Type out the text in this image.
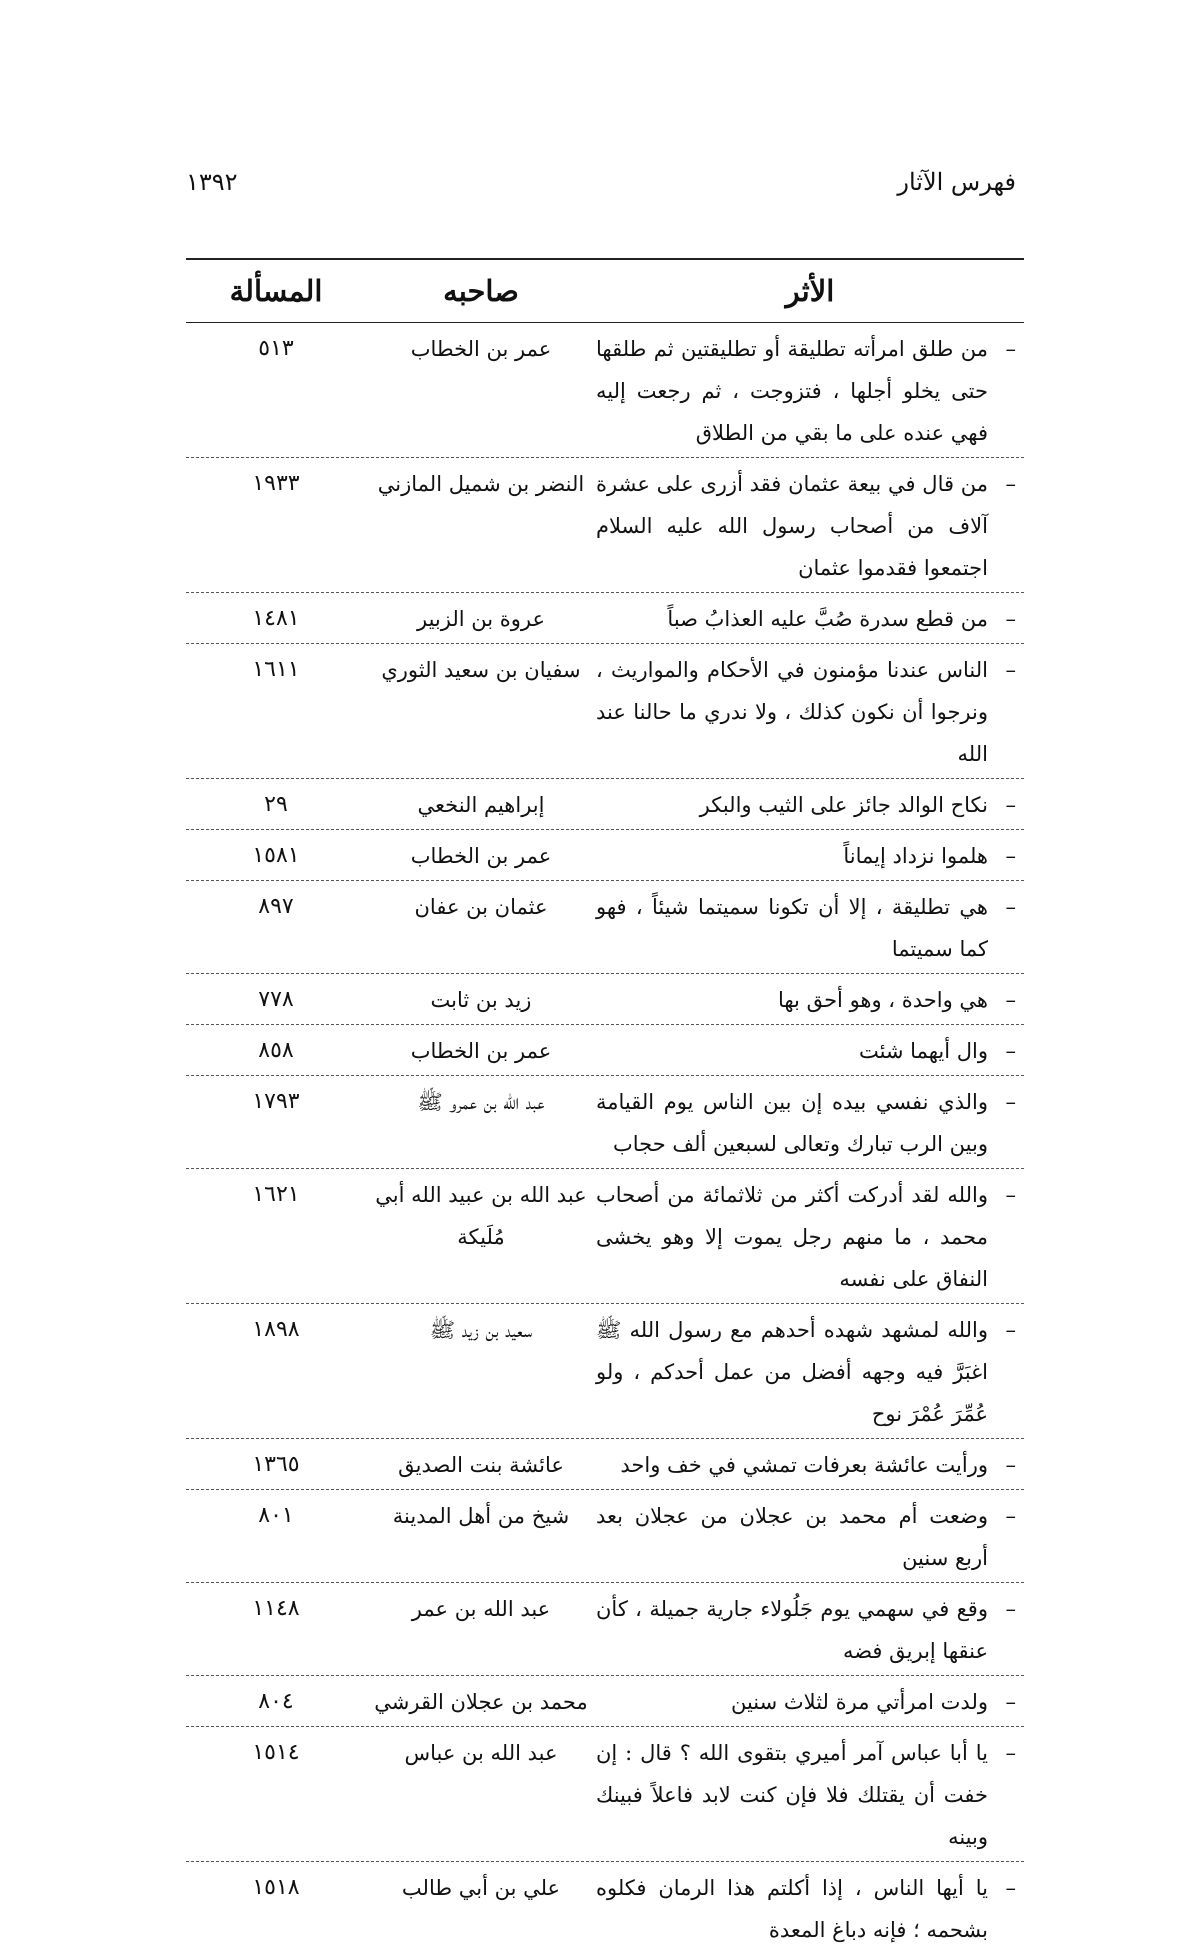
فهرس الآثار
١٣٩٢
الأثر
صاحبه
المسألة
– من طلق امرأته تطليقة أو تطليقتين ثم طلقها حتى يخلو أجلها ، فتزوجت ، ثم رجعت إليه فهي عنده على ما بقي من الطلاق
عمر بن الخطاب
٥١٣
– من قال في بيعة عثمان فقد أزرى على عشرة آلاف من أصحاب رسول الله عليه السلام اجتمعوا فقدموا عثمان
النضر بن شميل المازني
١٩٣٣
– من قطع سدرة صُبَّ عليه العذابُ صباً
عروة بن الزبير
١٤٨١
– الناس عندنا مؤمنون في الأحكام والمواريث ، ونرجوا أن نكون كذلك ، ولا ندري ما حالنا عند الله
سفيان بن سعيد الثوري
١٦١١
– نكاح الوالد جائز على الثيب والبكر
إبراهيم النخعي
٢٩
– هلموا نزداد إيماناً
عمر بن الخطاب
١٥٨١
– هي تطليقة ، إلا أن تكونا سميتما شيئاً ، فهو كما سميتما
عثمان بن عفان
٨٩٧
– هي واحدة ، وهو أحق بها
زيد بن ثابت
٧٧٨
– وال أيهما شئت
عمر بن الخطاب
٨٥٨
– والذي نفسي بيده إن بين الناس يوم القيامة وبين الرب تبارك وتعالى لسبعين ألف حجاب
عبد الله بن عمرو ﷺ
١٧٩٣
– والله لقد أدركت أكثر من ثلاثمائة من أصحاب محمد ، ما منهم رجل يموت إلا وهو يخشى النفاق على نفسه
عبد الله بن عبيد الله أبي مُلَيكة
١٦٢١
– والله لمشهد شهده أحدهم مع رسول الله ﷺ اغبَرَّ فيه وجهه أفضل من عمل أحدكم ، ولو عُمِّرَ عُمْرَ نوح
سعيد بن زيد ﷺ
١٨٩٨
– ورأيت عائشة بعرفات تمشي في خف واحد
عائشة بنت الصديق
١٣٦٥
– وضعت أم محمد بن عجلان من عجلان بعد أربع سنين
شيخ من أهل المدينة
٨٠١
– وقع في سهمي يوم جَلُولاء جارية جميلة ، كأن عنقها إبريق فضه
عبد الله بن عمر
١١٤٨
– ولدت امرأتي مرة لثلاث سنين
محمد بن عجلان القرشي
٨٠٤
– يا أبا عباس آمر أميري بتقوى الله ؟ قال : إن خفت أن يقتلك فلا فإن كنت لابد فاعلاً فبينك وبينه
عبد الله بن عباس
١٥١٤
– يا أيها الناس ، إذا أكلتم هذا الرمان فكلوه بشحمه ؛ فإنه دباغ المعدة
علي بن أبي طالب
١٥١٨
